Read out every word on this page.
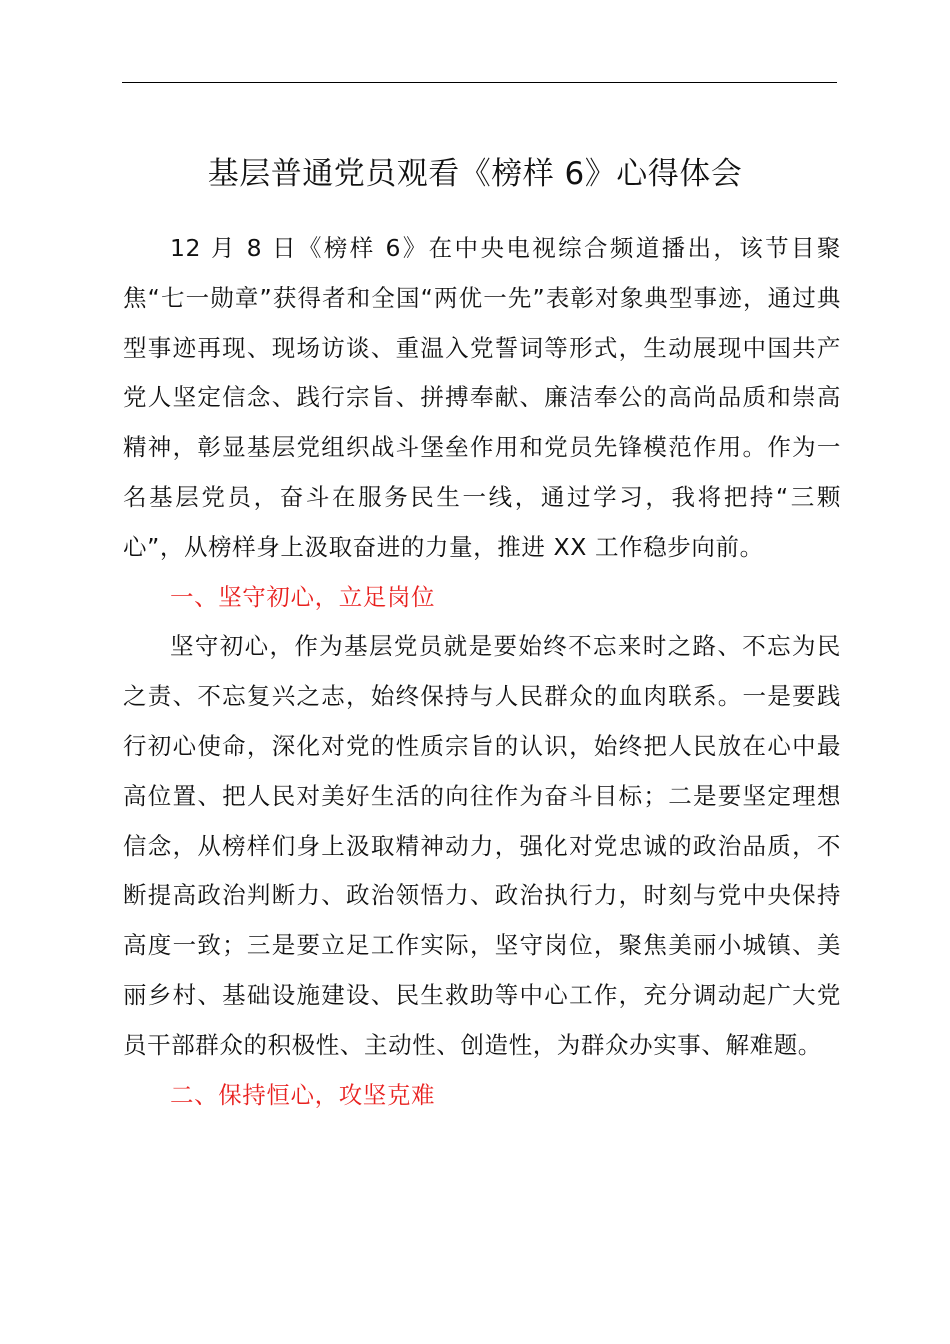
基层普通党员观看《榜样 6》心得体会

12 月 8 日《榜样 6》在中央电视综合频道播出，该节目聚焦“七一勋章”获得者和全国“两优一先”表彰对象典型事迹，通过典型事迹再现、现场访谈、重温入党誓词等形式，生动展现中国共产党人坚定信念、践行宗旨、拼搏奉献、廉洁奉公的高尚品质和崇高精神，彰显基层党组织战斗堡垒作用和党员先锋模范作用。作为一名基层党员，奋斗在服务民生一线，通过学习，我将把持“三颗心”，从榜样身上汲取奋进的力量，推进 XX 工作稳步向前。

一、坚守初心，立足岗位

坚守初心，作为基层党员就是要始终不忘来时之路、不忘为民之责、不忘复兴之志，始终保持与人民群众的血肉联系。一是要践行初心使命，深化对党的性质宗旨的认识，始终把人民放在心中最高位置、把人民对美好生活的向往作为奋斗目标；二是要坚定理想信念，从榜样们身上汲取精神动力，强化对党忠诚的政治品质，不断提高政治判断力、政治领悟力、政治执行力，时刻与党中央保持高度一致；三是要立足工作实际，坚守岗位，聚焦美丽小城镇、美丽乡村、基础设施建设、民生救助等中心工作，充分调动起广大党员干部群众的积极性、主动性、创造性，为群众办实事、解难题。

二、保持恒心，攻坚克难
